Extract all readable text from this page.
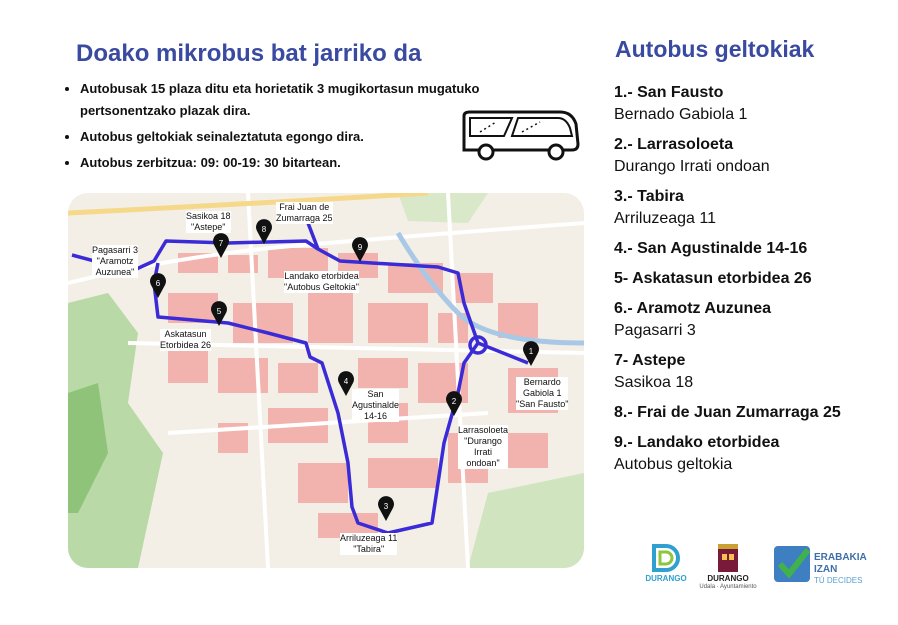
Doako mikrobus bat jarriko da
• Autobusak 15 plaza ditu eta horietatik 3 mugikortasun mugatuko pertsonentzako plazak dira.
• Autobus geltokiak seinaleztatuta egongo dira.
• Autobus zerbitzua: 09: 00-19: 30 bitartean.
Autobus geltokiak
1.- San Fausto
Bernado Gabiola 1
2.- Larrasoloeta
Durango Irrati ondoan
3.- Tabira
Arriluzeaga 11
4.- San Agustinalde 14-16
5- Askatasun etorbidea 26
6.- Aramotz Auzunea
Pagasarri 3
7- Astepe
Sasikoa 18
8.- Frai de Juan Zumarraga 25
9.- Landako etorbidea
Autobus geltokia
7
8
9
6
5
4
1
2
3
Sasikoa 18
"Astepe"
Frai Juan de
Zumarraga 25
Pagasarri 3
"Aramotz
Auzunea"	Landako etorbidea
"Autobus Geltokia"
Askatasun
Etorbidea 26
San
Agustinalde
14-16
Bernardo
Gabiola 1
"San Fausto"
Larrasoloeta
"Durango
Irrati
ondoan"
Arriluzeaga 11
"Tabira"
DURANGO	DURANGO
Udala · Ayuntamiento
ERABAKIA
IZAN
TÚ DECIDES
